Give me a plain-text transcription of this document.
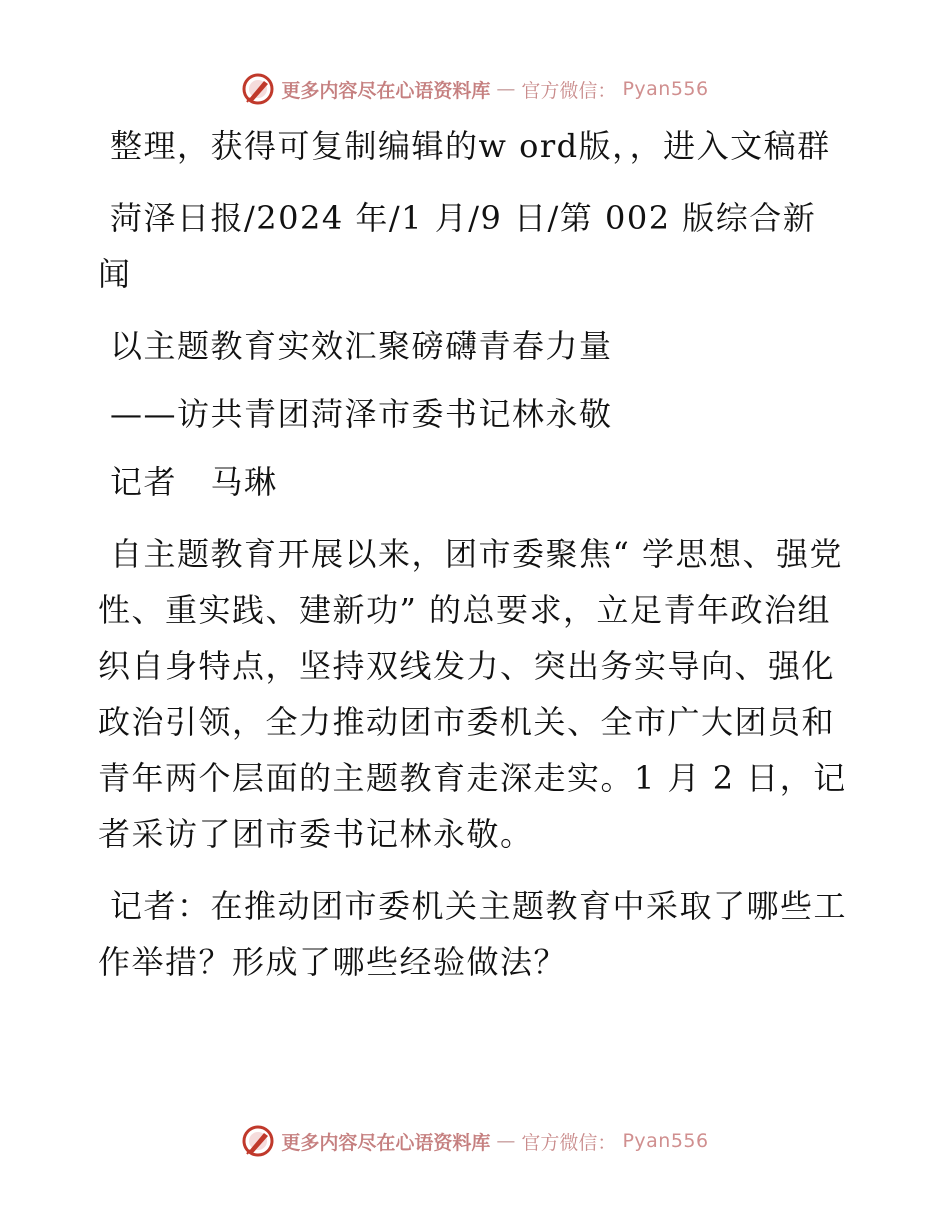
更多内容尽在心语资料库 — 官方微信： Pyan556

整理，获得可复制编辑的w ord版，，进入文稿群

菏泽日报/2024 年/1 月/9 日/第 002 版综合新闻

以主题教育实效汇聚磅礴青春力量

——访共青团菏泽市委书记林永敬

记者　马琳

自主题教育开展以来，团市委聚焦“ 学思想、强党性、重实践、建新功” 的总要求，立足青年政治组织自身特点，坚持双线发力、突出务实导向、强化政治引领，全力推动团市委机关、全市广大团员和青年两个层面的主题教育走深走实。1 月 2 日，记者采访了团市委书记林永敬。

记者：在推动团市委机关主题教育中采取了哪些工作举措？形成了哪些经验做法？

更多内容尽在心语资料库 — 官方微信： Pyan556
